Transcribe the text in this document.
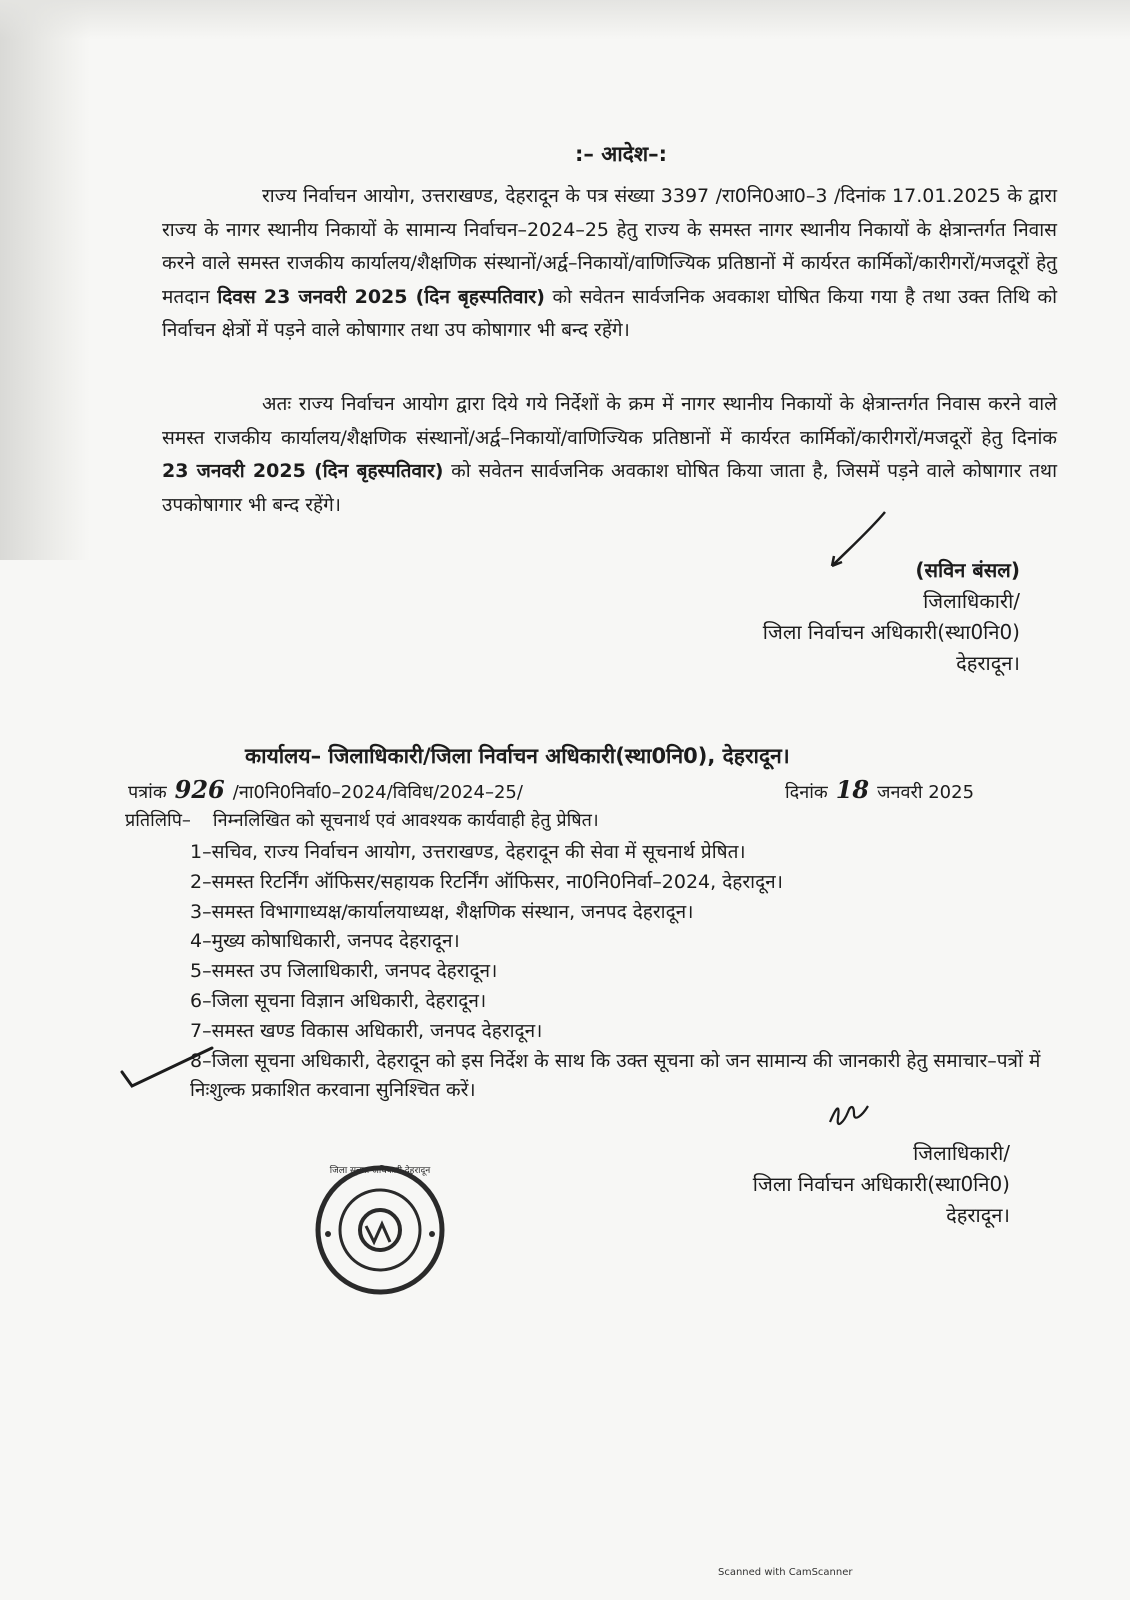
:– आदेश–:
राज्य निर्वाचन आयोग, उत्तराखण्ड, देहरादून के पत्र संख्या 3397 /रा0नि0आ0–3 /दिनांक 17.01.2025 के द्वारा राज्य के नागर स्थानीय निकायों के सामान्य निर्वाचन–2024–25 हेतु राज्य के समस्त नागर स्थानीय निकायों के क्षेत्रान्तर्गत निवास करने वाले समस्त राजकीय कार्यालय/शैक्षणिक संस्थानों/अर्द्व–निकायों/वाणिज्यिक प्रतिष्ठानों में कार्यरत कार्मिकों/कारीगरों/मजदूरों हेतु मतदान दिवस 23 जनवरी 2025 (दिन बृहस्पतिवार) को सवेतन सार्वजनिक अवकाश घोषित किया गया है तथा उक्त तिथि को निर्वाचन क्षेत्रों में पड़ने वाले कोषागार तथा उप कोषागार भी बन्द रहेंगे।
अतः राज्य निर्वाचन आयोग द्वारा दिये गये निर्देशों के क्रम में नागर स्थानीय निकायों के क्षेत्रान्तर्गत निवास करने वाले समस्त राजकीय कार्यालय/शैक्षणिक संस्थानों/अर्द्व–निकायों/वाणिज्यिक प्रतिष्ठानों में कार्यरत कार्मिकों/कारीगरों/मजदूरों हेतु दिनांक 23 जनवरी 2025 (दिन बृहस्पतिवार) को सवेतन सार्वजनिक अवकाश घोषित किया जाता है, जिसमें पड़ने वाले कोषागार तथा उपकोषागार भी बन्द रहेंगे।
(सविन बंसल)
जिलाधिकारी/
जिला निर्वाचन अधिकारी(स्था0नि0)
देहरादून।
कार्यालय– जिलाधिकारी/जिला निर्वाचन अधिकारी(स्था0नि0), देहरादून।
पत्रांक 926 /ना0नि0निर्वा0–2024/विविध/2024–25/	दिनांक 18 जनवरी 2025
प्रतिलिपि– निम्नलिखित को सूचनार्थ एवं आवश्यक कार्यवाही हेतु प्रेषित।
1–सचिव, राज्य निर्वाचन आयोग, उत्तराखण्ड, देहरादून की सेवा में सूचनार्थ प्रेषित।
2–समस्त रिटर्निंग ऑफिसर/सहायक रिटर्निंग ऑफिसर, ना0नि0निर्वा–2024, देहरादून।
3–समस्त विभागाध्यक्ष/कार्यालयाध्यक्ष, शैक्षणिक संस्थान, जनपद देहरादून।
4–मुख्य कोषाधिकारी, जनपद देहरादून।
5–समस्त उप जिलाधिकारी, जनपद देहरादून।
6–जिला सूचना विज्ञान अधिकारी, देहरादून।
7–समस्त खण्ड विकास अधिकारी, जनपद देहरादून।
8–जिला सूचना अधिकारी, देहरादून को इस निर्देश के साथ कि उक्त सूचना को जन सामान्य की जानकारी हेतु समाचार–पत्रों में निःशुल्क प्रकाशित करवाना सुनिश्चित करें।
जिलाधिकारी/
जिला निर्वाचन अधिकारी(स्था0नि0)
देहरादून।
जिला सूचना अधिकारी देहरादून
Scanned with CamScanner
